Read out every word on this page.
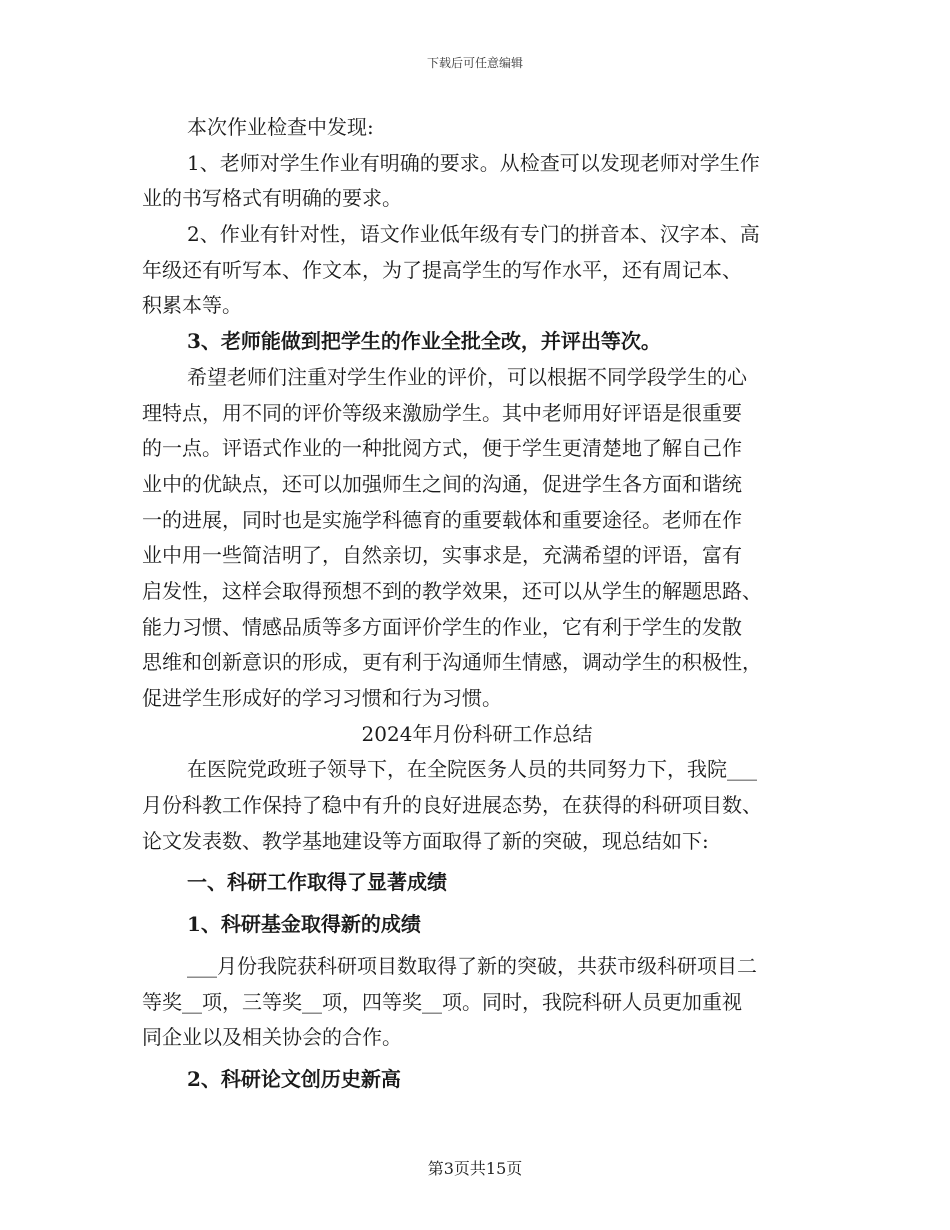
下载后可任意编辑
本次作业检查中发现:
1、老师对学生作业有明确的要求。从检查可以发现老师对学生作
业的书写格式有明确的要求。
2、作业有针对性，语文作业低年级有专门的拼音本、汉字本、高
年级还有听写本、作文本，为了提高学生的写作水平，还有周记本、
积累本等。
3、老师能做到把学生的作业全批全改，并评出等次。
希望老师们注重对学生作业的评价，可以根据不同学段学生的心
理特点，用不同的评价等级来激励学生。其中老师用好评语是很重要
的一点。评语式作业的一种批阅方式，便于学生更清楚地了解自己作
业中的优缺点，还可以加强师生之间的沟通，促进学生各方面和谐统
一的进展，同时也是实施学科德育的重要载体和重要途径。老师在作
业中用一些简洁明了，自然亲切，实事求是，充满希望的评语，富有
启发性，这样会取得预想不到的教学效果，还可以从学生的解题思路、
能力习惯、情感品质等多方面评价学生的作业，它有利于学生的发散
思维和创新意识的形成，更有利于沟通师生情感，调动学生的积极性，
促进学生形成好的学习习惯和行为习惯。
2024年月份科研工作总结
在医院党政班子领导下，在全院医务人员的共同努力下，我院___
月份科教工作保持了稳中有升的良好进展态势，在获得的科研项目数、
论文发表数、教学基地建设等方面取得了新的突破，现总结如下:
一、科研工作取得了显著成绩
1、科研基金取得新的成绩
___月份我院获科研项目数取得了新的突破，共获市级科研项目二
等奖__项，三等奖__项，四等奖__项。同时，我院科研人员更加重视
同企业以及相关协会的合作。
2、科研论文创历史新高
第3页共15页
